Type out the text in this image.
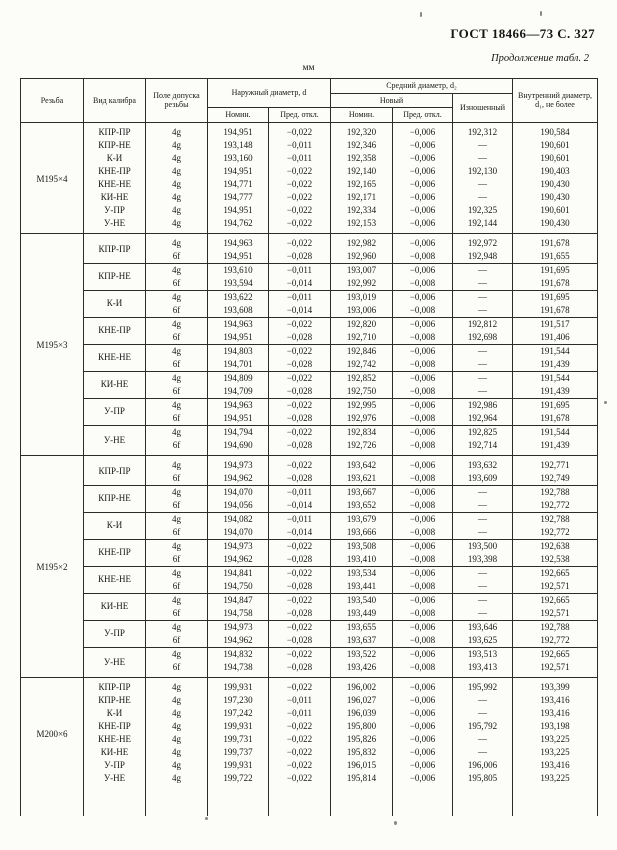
ГОСТ 18466—73 С. 327
Продолжение табл. 2
мм
Резьба	Вид калибра	Поле допуска резьбы	Наружный диаметр, d		Средний диаметр, d₂			Внутренний диаметр, d₁, не более
					Новый		Изношенный	
			Номин.	Пред. откл.	Номин.	Пред. откл.		
М195×4	КПР-ПР	4g	194,951	−0,022	192,320	−0,006	192,312	190,584
	КПР-НЕ	4g	193,148	−0,011	192,346	−0,006	—	190,601
	К-И	4g	193,160	−0,011	192,358	−0,006	—	190,601
	КНЕ-ПР	4g	194,951	−0,022	192,140	−0,006	192,130	190,403
	КНЕ-НЕ	4g	194,771	−0,022	192,165	−0,006	—	190,430
	КИ-НЕ	4g	194,777	−0,022	192,171	−0,006	—	190,430
	У-ПР	4g	194,951	−0,022	192,334	−0,006	192,325	190,601
	У-НЕ	4g	194,762	−0,022	192,153	−0,006	192,144	190,430
М195×3	КПР-ПР	4g	194,963	−0,022	192,982	−0,006	192,972	191,678
		6f	194,951	−0,028	192,960	−0,008	192,948	191,655
	КПР-НЕ	4g	193,610	−0,011	193,007	−0,006	—	191,695
		6f	193,594	−0,014	192,992	−0,008	—	191,678
	К-И	4g	193,622	−0,011	193,019	−0,006	—	191,695
		6f	193,608	−0,014	193,006	−0,008	—	191,678
	КНЕ-ПР	4g	194,963	−0,022	192,820	−0,006	192,812	191,517
		6f	194,951	−0,028	192,710	−0,008	192,698	191,406
	КНЕ-НЕ	4g	194,803	−0,022	192,846	−0,006	—	191,544
		6f	194,701	−0,028	192,742	−0,008	—	191,439
	КИ-НЕ	4g	194,809	−0,022	192,852	−0,006	—	191,544
		6f	194,709	−0,028	192,750	−0,008	—	191,439
	У-ПР	4g	194,963	−0,022	192,995	−0,006	192,986	191,695
		6f	194,951	−0,028	192,976	−0,008	192,964	191,678
	У-НЕ	4g	194,794	−0,022	192,834	−0,006	192,825	191,544
		6f	194,690	−0,028	192,726	−0,008	192,714	191,439
М195×2	КПР-ПР	4g	194,973	−0,022	193,642	−0,006	193,632	192,771
		6f	194,962	−0,028	193,621	−0,008	193,609	192,749
	КПР-НЕ	4g	194,070	−0,011	193,667	−0,006	—	192,788
		6f	194,056	−0,014	193,652	−0,008	—	192,772
	К-И	4g	194,082	−0,011	193,679	−0,006	—	192,788
		6f	194,070	−0,014	193,666	−0,008	—	192,772
	КНЕ-ПР	4g	194,973	−0,022	193,508	−0,006	193,500	192,638
		6f	194,962	−0,028	193,410	−0,008	193,398	192,538
	КНЕ-НЕ	4g	194,841	−0,022	193,534	−0,006	—	192,665
		6f	194,750	−0,028	193,441	−0,008	—	192,571
	КИ-НЕ	4g	194,847	−0,022	193,540	−0,006	—	192,665
		6f	194,758	−0,028	193,449	−0,008	—	192,571
	У-ПР	4g	194,973	−0,022	193,655	−0,006	193,646	192,788
		6f	194,962	−0,028	193,637	−0,008	193,625	192,772
	У-НЕ	4g	194,832	−0,022	193,522	−0,006	193,513	192,665
		6f	194,738	−0,028	193,426	−0,008	193,413	192,571
М200×6	КПР-ПР	4g	199,931	−0,022	196,002	−0,006	195,992	193,399
	КПР-НЕ	4g	197,230	−0,011	196,027	−0,006	—	193,416
	К-И	4g	197,242	−0,011	196,039	−0,006	—	193,416
	КНЕ-ПР	4g	199,931	−0,022	195,800	−0,006	195,792	193,198
	КНЕ-НЕ	4g	199,731	−0,022	195,826	−0,006	—	193,225
	КИ-НЕ	4g	199,737	−0,022	195,832	−0,006	—	193,225
	У-ПР	4g	199,931	−0,022	196,015	−0,006	196,006	193,416
	У-НЕ	4g	199,722	−0,022	195,814	−0,006	195,805	193,225
